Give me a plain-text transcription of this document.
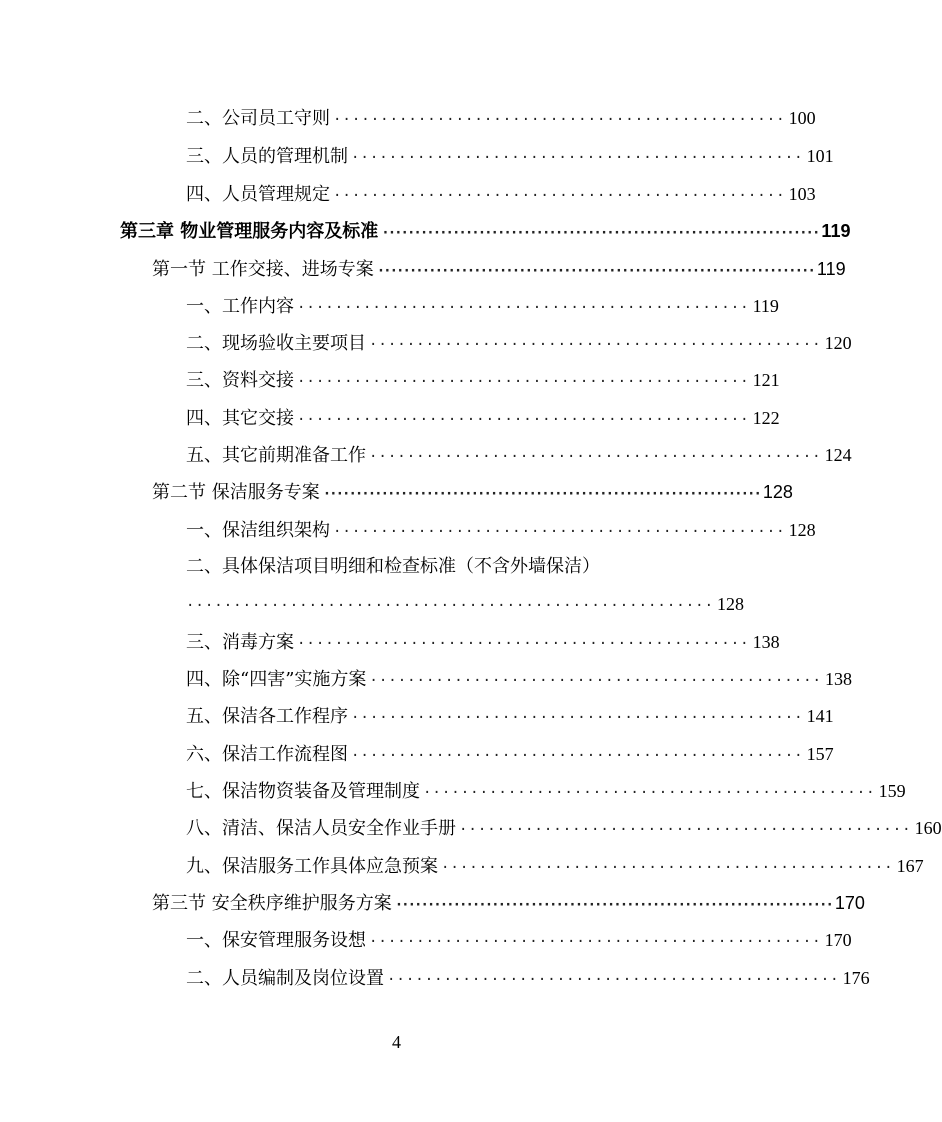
二、公司员工守则 ················································ 100
三、人员的管理机制 ················································ 101
四、人员管理规定 ················································ 103
第三章 物业管理服务内容及标准 ···································································· 119
第一节 工作交接、进场专案 ···································································· 119
一、工作内容 ················································ 119
二、现场验收主要项目 ················································ 120
三、资料交接 ················································ 121
四、其它交接 ················································ 122
五、其它前期准备工作 ················································ 124
第二节 保洁服务专案 ···································································· 128
一、保洁组织架构 ················································ 128
二、具体保洁项目明细和检查标准（不含外墙保洁）
························································ 128
三、消毒方案 ················································ 138
四、除“四害”实施方案 ················································ 138
五、保洁各工作程序 ················································ 141
六、保洁工作流程图 ················································ 157
七、保洁物资装备及管理制度 ················································ 159
八、清洁、保洁人员安全作业手册 ················································ 160
九、保洁服务工作具体应急预案 ················································ 167
第三节 安全秩序维护服务方案 ···································································· 170
一、保安管理服务设想 ················································ 170
二、人员编制及岗位设置 ················································ 176
4
